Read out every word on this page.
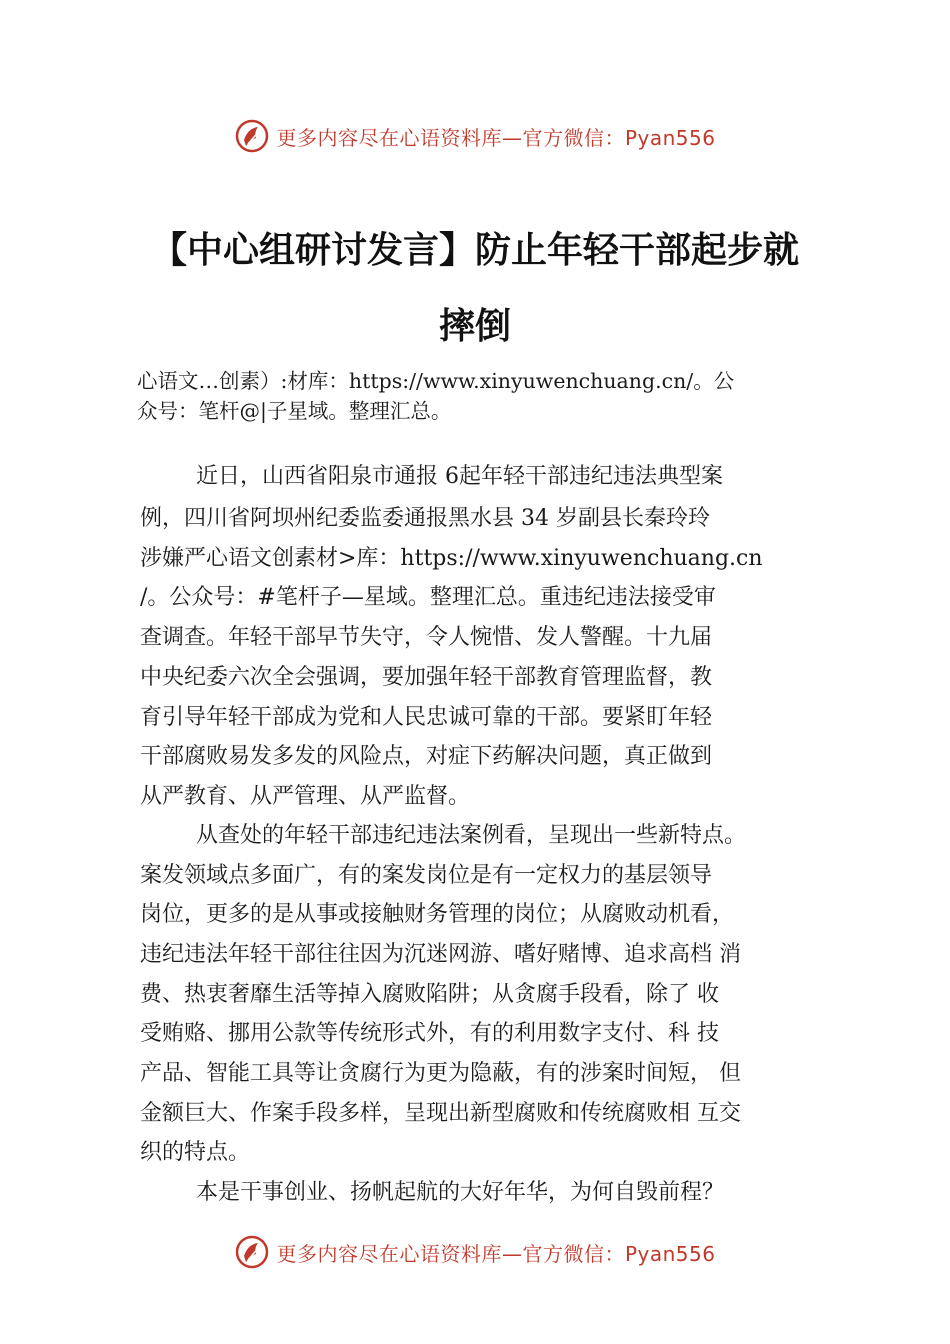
更多内容尽在心语资料库—官方微信：Pyan556
【中心组研讨发言】防止年轻干部起步就
摔倒
心语文…创素）:材库：https://www.xinyuwenchuang.cn/。公
众号：笔杆@|子星域。整理汇总。
近日，山西省阳泉市通报 6起年轻干部违纪违法典型案
例，四川省阿坝州纪委监委通报黑水县 34 岁副县长秦玲玲
涉嫌严心语文创素材>库：https://www.xinyuwenchuang.cn
/。公众号：#笔杆子—星域。整理汇总。重违纪违法接受审
查调查。年轻干部早节失守，令人惋惜、发人警醒。十九届
中央纪委六次全会强调，要加强年轻干部教育管理监督，教
育引导年轻干部成为党和人民忠诚可靠的干部。要紧盯年轻
干部腐败易发多发的风险点，对症下药解决问题，真正做到
从严教育、从严管理、从严监督。
从查处的年轻干部违纪违法案例看，呈现出一些新特点。
案发领域点多面广，有的案发岗位是有一定权力的基层领导
岗位，更多的是从事或接触财务管理的岗位；从腐败动机看，
违纪违法年轻干部往往因为沉迷网游、嗜好赌博、追求高档 消
费、热衷奢靡生活等掉入腐败陷阱；从贪腐手段看，除了 收
受贿赂、挪用公款等传统形式外，有的利用数字支付、科 技
产品、智能工具等让贪腐行为更为隐蔽，有的涉案时间短， 但
金额巨大、作案手段多样，呈现出新型腐败和传统腐败相 互交
织的特点。
本是干事创业、扬帆起航的大好年华，为何自毁前程？
更多内容尽在心语资料库—官方微信：Pyan556
